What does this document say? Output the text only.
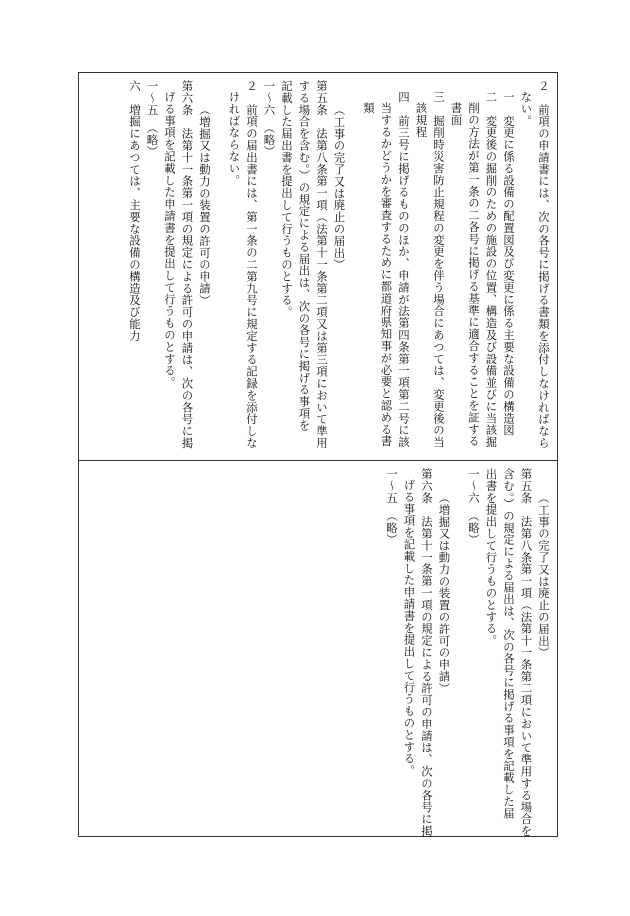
２　前項の申請書には、次の各号に掲げる書類を添付しなければなら
ない。
一　変更に係る設備の配置図及び変更に係る主要な設備の構造図
二　変更後の掘削のための施設の位置、構造及び設備並びに当該掘
削の方法が第一条の二各号に掲げる基準に適合することを証する
書面
三　掘削時災害防止規程の変更を伴う場合にあつては、変更後の当
該規程
四　前三号に掲げるもののほか、申請が法第四条第一項第二号に該
当するかどうかを審査するために都道府県知事が必要と認める書
類
（工事の完了又は廃止の届出）
第五条　法第八条第一項（法第十一条第二項又は第三項において準用
する場合を含む。）の規定による届出は、次の各号に掲げる事項を
記載した届出書を提出して行うものとする。
一～六　（略）
２　前項の届出書には、第一条の二第九号に規定する記録を添付しな
ければならない。
（増掘又は動力の装置の許可の申請）
第六条　法第十一条第一項の規定による許可の申請は、次の各号に掲
げる事項を記載した申請書を提出して行うものとする。
一～五　（略）
六　増掘にあつては、主要な設備の構造及び能力
（工事の完了又は廃止の届出）
第五条　法第八条第一項（法第十一条第二項において準用する場合を
含む。）の規定による届出は、次の各号に掲げる事項を記載した届
出書を提出して行うものとする。
一～六　（略）
（増掘又は動力の装置の許可の申請）
第六条　法第十一条第一項の規定による許可の申請は、次の各号に掲
げる事項を記載した申請書を提出して行うものとする。
一～五　（略）
